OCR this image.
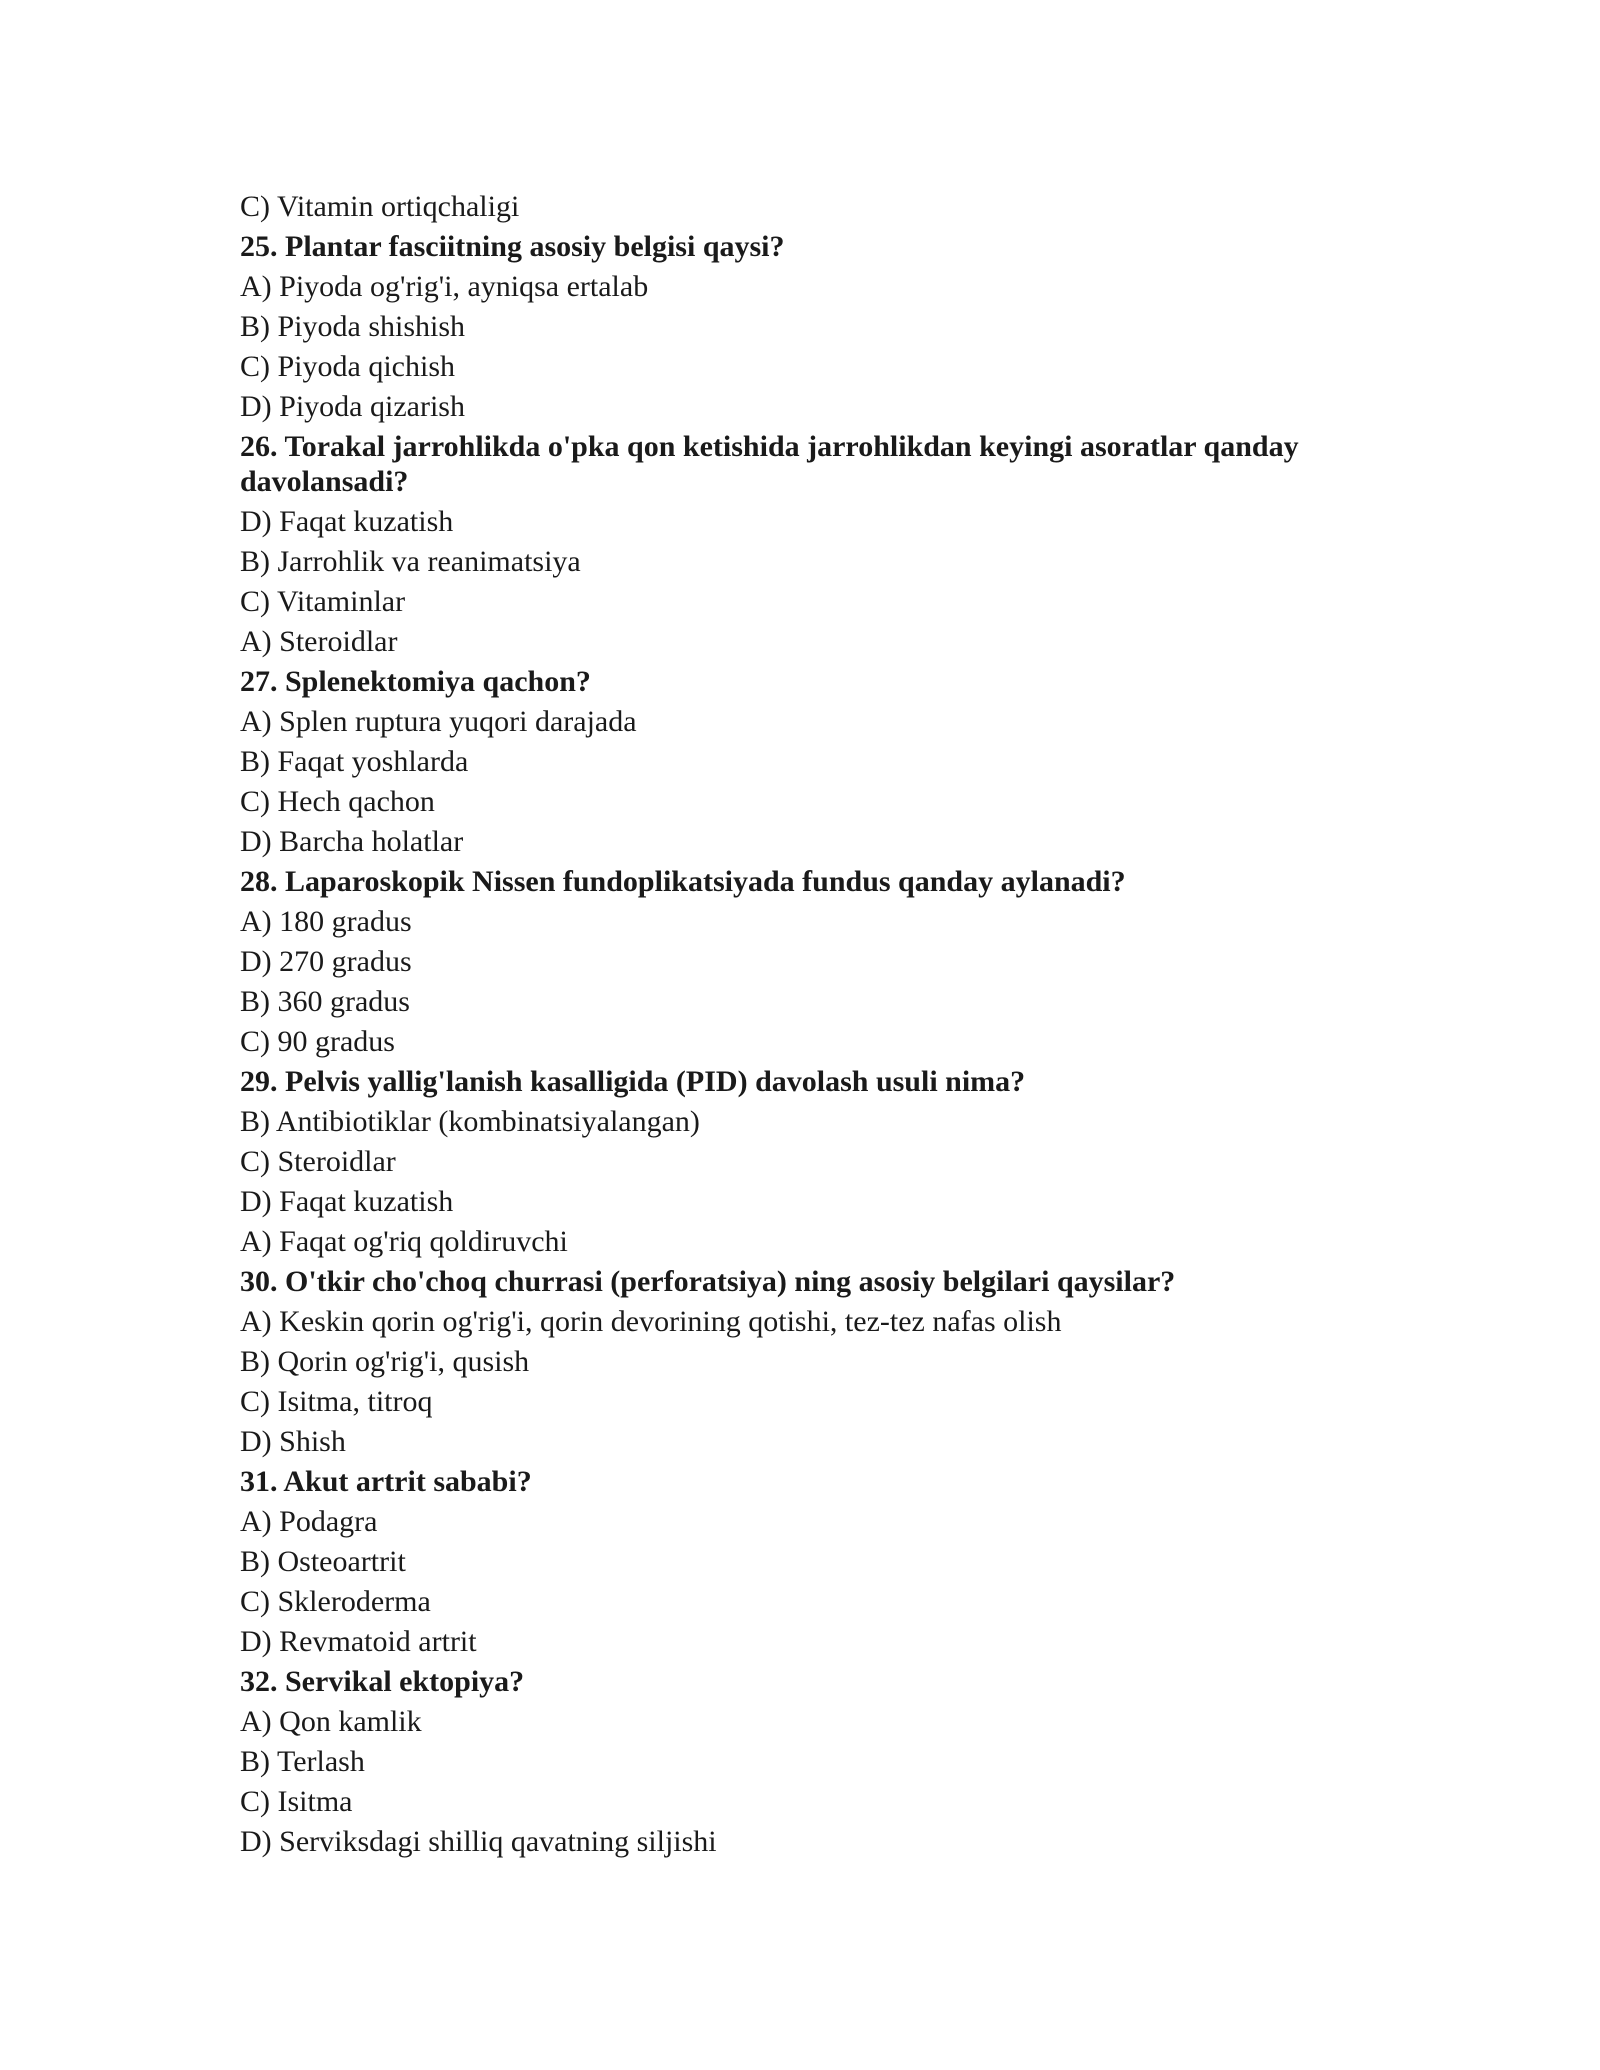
C) Vitamin ortiqchaligi
25. Plantar fasciitning asosiy belgisi qaysi?
A) Piyoda og'rig'i, ayniqsa ertalab
B) Piyoda shishish
C) Piyoda qichish
D) Piyoda qizarish
26. Torakal jarrohlikda o'pka qon ketishida jarrohlikdan keyingi asoratlar qanday davolansadi?
D) Faqat kuzatish
B) Jarrohlik va reanimatsiya
C) Vitaminlar
A) Steroidlar
27. Splenektomiya qachon?
A) Splen ruptura yuqori darajada
B) Faqat yoshlarda
C) Hech qachon
D) Barcha holatlar
28. Laparoskopik Nissen fundoplikatsiyada fundus qanday aylanadi?
A) 180 gradus
D) 270 gradus
B) 360 gradus
C) 90 gradus
29. Pelvis yallig'lanish kasalligida (PID) davolash usuli nima?
B) Antibiotiklar (kombinatsiyalangan)
C) Steroidlar
D) Faqat kuzatish
A) Faqat og'riq qoldiruvchi
30. O'tkir cho'choq churrasi (perforatsiya) ning asosiy belgilari qaysilar?
A) Keskin qorin og'rig'i, qorin devorining qotishi, tez-tez nafas olish
B) Qorin og'rig'i, qusish
C) Isitma, titroq
D) Shish
31. Akut artrit sababi?
A) Podagra
B) Osteoartrit
C) Skleroderma
D) Revmatoid artrit
32. Servikal ektopiya?
A) Qon kamlik
B) Terlash
C) Isitma
D) Serviksdagi shilliq qavatning siljishi
